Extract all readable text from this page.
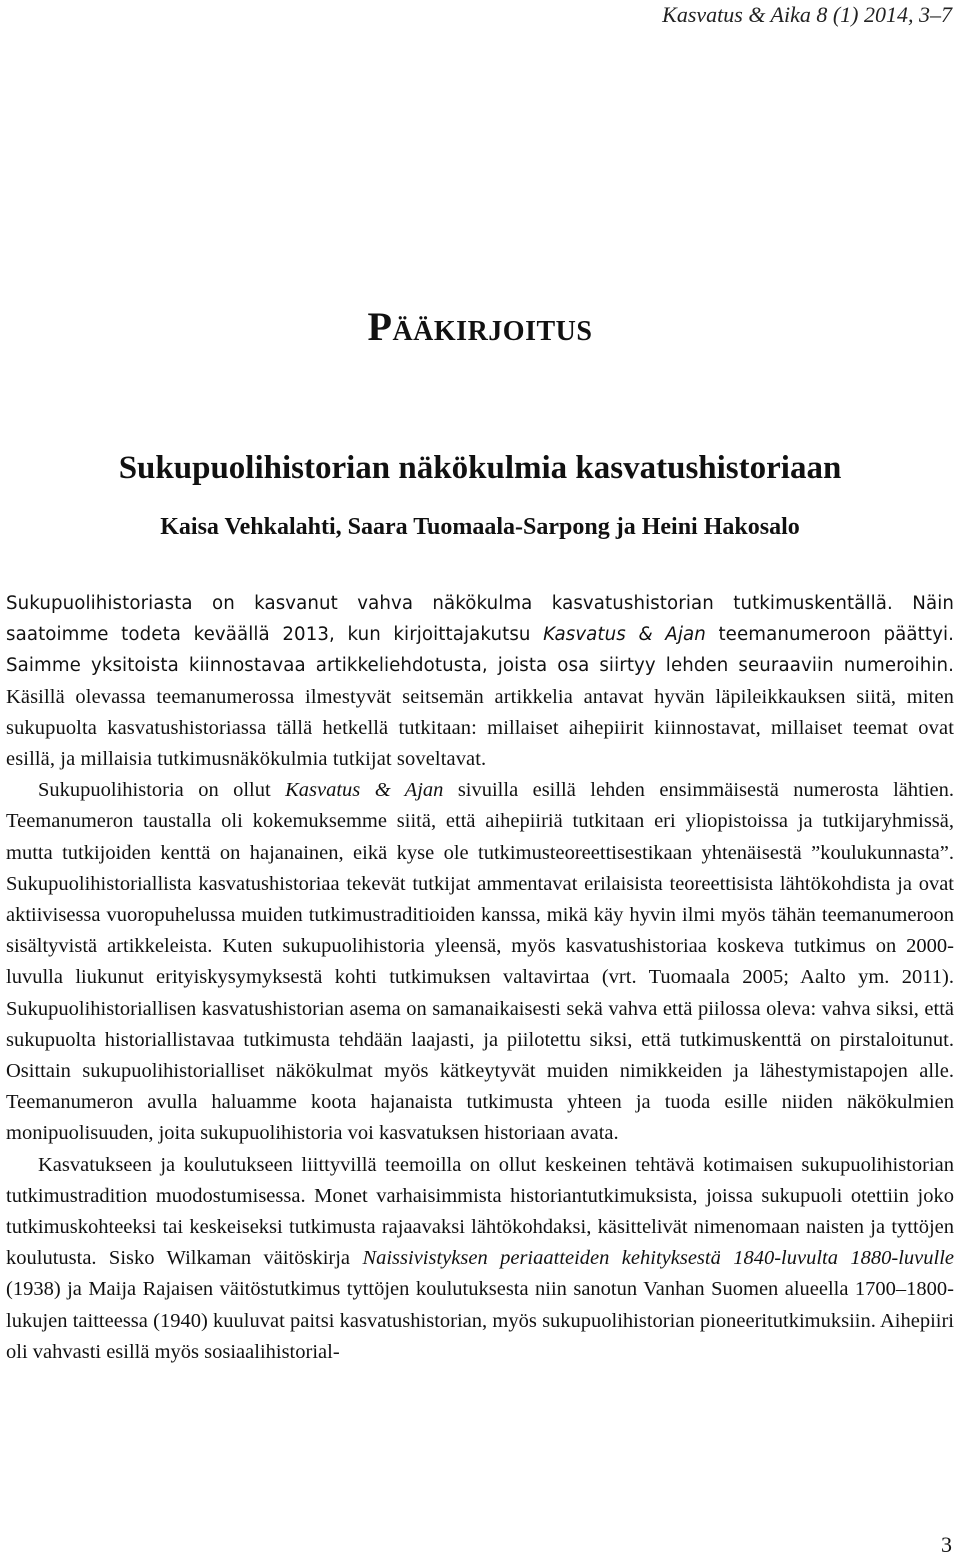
Kasvatus & Aika 8 (1) 2014, 3–7
Pääkirjoitus
Sukupuolihistorian näkökulmia kasvatushistoriaan
Kaisa Vehkalahti, Saara Tuomaala-Sarpong ja Heini Hakosalo

Sukupuolihistoriasta on kasvanut vahva näkökulma kasvatushistorian tutkimuskentällä. Näin saatoimme todeta keväällä 2013, kun kirjoittajakutsu Kasvatus & Ajan teemanumeroon päättyi. Saimme yksitoista kiinnostavaa artikkeliehdotusta, joista osa siirtyy lehden seuraaviin numeroihin. Käsillä olevassa teemanumerossa ilmestyvät seitsemän artikkelia antavat hyvän läpileikkauksen siitä, miten sukupuolta kasvatushistoriassa tällä hetkellä tutkitaan: millaiset aihepiirit kiinnostavat, millaiset teemat ovat esillä, ja millaisia tutkimusnäkökulmia tutkijat soveltavat.

Sukupuolihistoria on ollut Kasvatus & Ajan sivuilla esillä lehden ensimmäisestä numerosta lähtien. Teemanumeron taustalla oli kokemuksemme siitä, että aihepiiriä tutkitaan eri yliopistoissa ja tutkijaryhmissä, mutta tutkijoiden kenttä on hajanainen, eikä kyse ole tutkimusteoreettisestikaan yhtenäisestä ”koulukunnasta”. Sukupuolihistoriallista kasvatushistoriaa tekevät tutkijat ammentavat erilaisista teoreettisista lähtökohdista ja ovat aktiivisessa vuoropuhelussa muiden tutkimustraditioiden kanssa, mikä käy hyvin ilmi myös tähän teemanumeroon sisältyvistä artikkeleista. Kuten sukupuolihistoria yleensä, myös kasvatushistoriaa koskeva tutkimus on 2000-luvulla liukunut erityiskysymyksestä kohti tutkimuksen valtavirtaa (vrt. Tuomaala 2005; Aalto ym. 2011). Sukupuolihistoriallisen kasvatushistorian asema on samanaikaisesti sekä vahva että piilossa oleva: vahva siksi, että sukupuolta historiallistavaa tutkimusta tehdään laajasti, ja piilotettu siksi, että tutkimuskenttä on pirstaloitunut. Osittain sukupuolihistorialliset näkökulmat myös kätkeytyvät muiden nimikkeiden ja lähestymistapojen alle. Teemanumeron avulla haluamme koota hajanaista tutkimusta yhteen ja tuoda esille niiden näkökulmien monipuolisuuden, joita sukupuolihistoria voi kasvatuksen historiaan avata.

Kasvatukseen ja koulutukseen liittyvillä teemoilla on ollut keskeinen tehtävä kotimaisen sukupuolihistorian tutkimustradition muodostumisessa. Monet varhaisimmista historiantutkimuksista, joissa sukupuoli otettiin joko tutkimuskohteeksi tai keskeiseksi tutkimusta rajaavaksi lähtökohdaksi, käsittelivät nimenomaan naisten ja tyttöjen koulutusta. Sisko Wilkaman väitöskirja Naissivistyksen periaatteiden kehityksestä 1840-luvulta 1880-luvulle (1938) ja Maija Rajaisen väitöstutkimus tyttöjen koulutuksesta niin sanotun Vanhan Suomen alueella 1700–1800-lukujen taitteessa (1940) kuuluvat paitsi kasvatushistorian, myös sukupuolihistorian pioneeritutkimuksiin. Aihepiiri oli vahvasti esillä myös sosiaalihistorial-

3
